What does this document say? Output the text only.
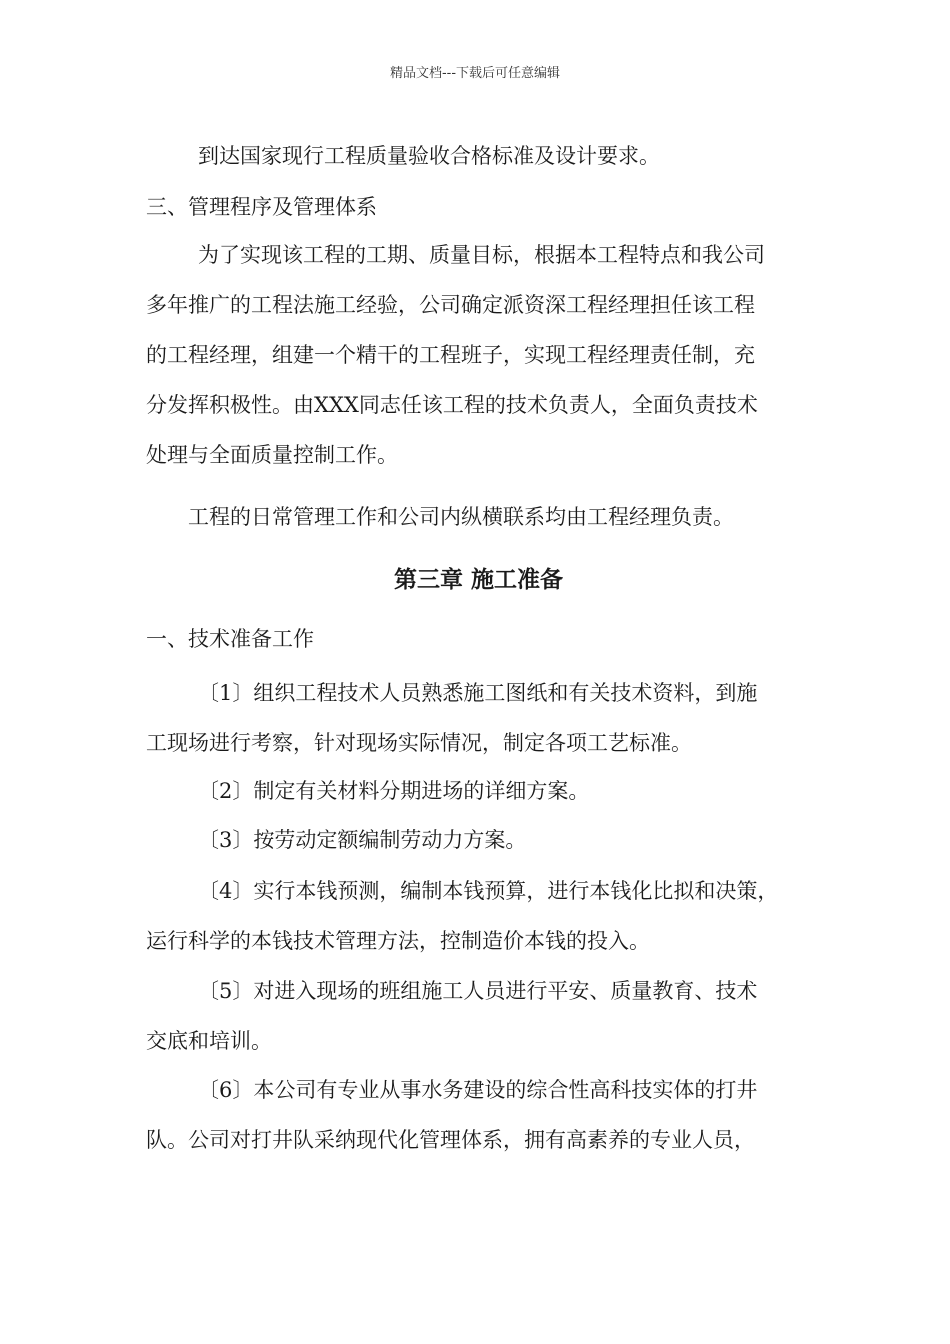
精品文档---下载后可任意编辑
到达国家现行工程质量验收合格标准及设计要求。
三、管理程序及管理体系
为了实现该工程的工期、质量目标，根据本工程特点和我公司
多年推广的工程法施工经验，公司确定派资深工程经理担任该工程
的工程经理，组建一个精干的工程班子，实现工程经理责任制，充
分发挥积极性。由XXX同志任该工程的技术负责人，全面负责技术
处理与全面质量控制工作。
工程的日常管理工作和公司内纵横联系均由工程经理负责。
第三章 施工准备
一、技术准备工作
〔1〕组织工程技术人员熟悉施工图纸和有关技术资料，到施
工现场进行考察，针对现场实际情况，制定各项工艺标准。
〔2〕制定有关材料分期进场的详细方案。
〔3〕按劳动定额编制劳动力方案。
〔4〕实行本钱预测，编制本钱预算，进行本钱化比拟和决策，
运行科学的本钱技术管理方法，控制造价本钱的投入。
〔5〕对进入现场的班组施工人员进行平安、质量教育、技术
交底和培训。
〔6〕本公司有专业从事水务建设的综合性高科技实体的打井
队。公司对打井队采纳现代化管理体系，拥有高素养的专业人员，
